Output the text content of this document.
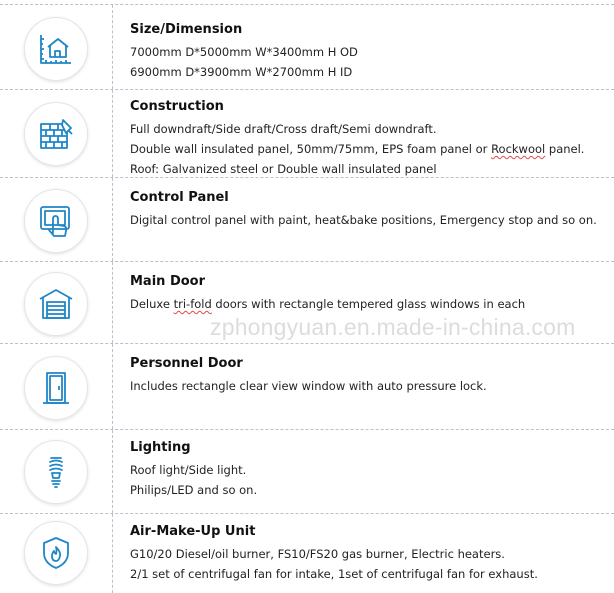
Size/Dimension
7000mm D*5000mm W*3400mm H OD
6900mm D*3900mm W*2700mm H ID
Construction
Full downdraft/Side draft/Cross draft/Semi downdraft.
Double wall insulated panel, 50mm/75mm, EPS foam panel or Rockwool panel.
Roof: Galvanized steel or Double wall insulated panel
Control Panel
Digital control panel with paint, heat&bake positions, Emergency stop and so on.
Main Door
Deluxe tri-fold doors with rectangle tempered glass windows in each
Personnel Door
Includes rectangle clear view window with auto pressure lock.
Lighting
Roof light/Side light.
Philips/LED and so on.
Air-Make-Up Unit
G10/20 Diesel/oil burner, FS10/FS20 gas burner, Electric heaters.
2/1 set of centrifugal fan for intake, 1set of centrifugal fan for exhaust.
zphongyuan.en.made-in-china.com
